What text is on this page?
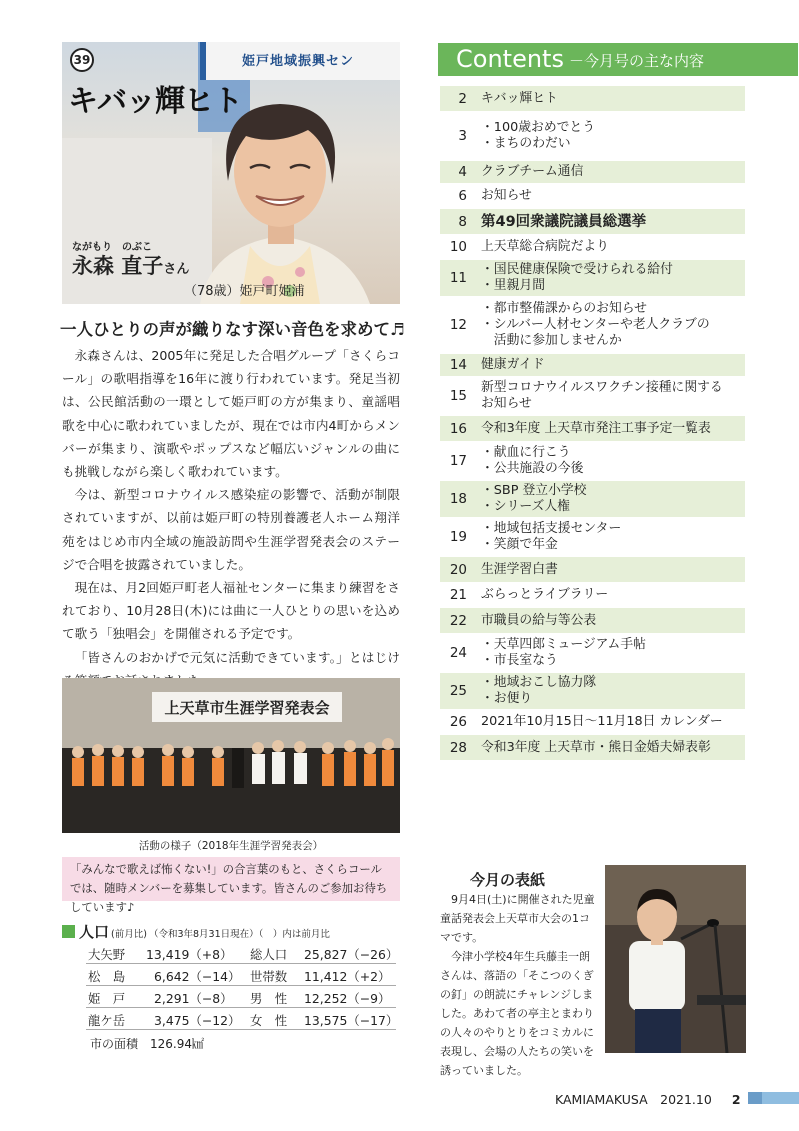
姫戸地域振興セン
39
キバッ輝ヒト
ながもり　のぶこ
永森 直子さん
（78歳）姫戸町姫浦
一人ひとりの声が織りなす深い音色を求めて♬

永森さんは、2005年に発足した合唱グループ「さくらコール」の歌唱指導を16年に渡り行われています。発足当初は、公民館活動の一環として姫戸町の方が集まり、童謡唱歌を中心に歌われていましたが、現在では市内4町からメンバーが集まり、演歌やポップスなど幅広いジャンルの曲にも挑戦しながら楽しく歌われています。

今は、新型コロナウイルス感染症の影響で、活動が制限されていますが、以前は姫戸町の特別養護老人ホーム翔洋苑をはじめ市内全域の施設訪問や生涯学習発表会のステージで合唱を披露されていました。

現在は、月2回姫戸町老人福祉センターに集まり練習をされており、10月28日(木)には曲に一人ひとりの思いを込めて歌う「独唱会」を開催される予定です。

「皆さんのおかげで元気に活動できています。」とはじけ

上天草市生涯学習発表会
活動の様子（2018年生涯学習発表会）
「みんなで歌えば怖くない!」の合言葉のもと、さくらコールでは、随時メンバーを募集しています。皆さんのご参加お待ちしています♪
人口 (前月比) （令和3年8月31日現在）（　）内は前月比
大矢野 13,419（+8） 総人口 25,827（−26）
松　島 6,642（−14） 世帯数 11,412（+2）
姫　戸 2,291（−8） 男　性 12,252（−9）
龍ケ岳 3,475（−12） 女　性 13,575（−17）
市の面積　126.94㎢
Contents －今月号の主な内容
2	キバッ輝ヒト
3
・100歳おめでとう
・まちのわだい
4	クラブチーム通信
6	お知らせ
8 第49回衆議院議員総選挙
10	上天草総合病院だより
11
・国民健康保険で受けられる給付
・里親月間
12
・都市整備課からのお知らせ
・シルバー人材センターや老人クラブの
　活動に参加しませんか
14	健康ガイド
15
新型コロナウイルスワクチン接種に関する
お知らせ
16	令和3年度 上天草市発注工事予定一覧表
17
・献血に行こう
・公共施設の今後
18
・SBP 登立小学校
・シリーズ人権
19
・地域包括支援センター
・笑顔で年金
20	生涯学習白書
21	ぶらっとライブラリー
22	市職員の給与等公表
24
・天草四郎ミュージアム手帖
・市長室なう
25
・地域おこし協力隊
・お便り
26	2021年10月15日〜11月18日 カレンダー
28	令和3年度 上天草市・熊日金婚夫婦表彰
今月の表紙

9月4日(土)に開催された児童童話発表会上天草市大会の1コマです。

今津小学校4年生兵藤圭一朗さんは、落語の「そこつのくぎの釘」の朗読にチャレンジしました。あわて者の亭主とまわりの人々のやりとりをコミカルに表現し、会場の人たちの笑いを誘っていました。

KAMIAMAKUSA　2021.10 2
